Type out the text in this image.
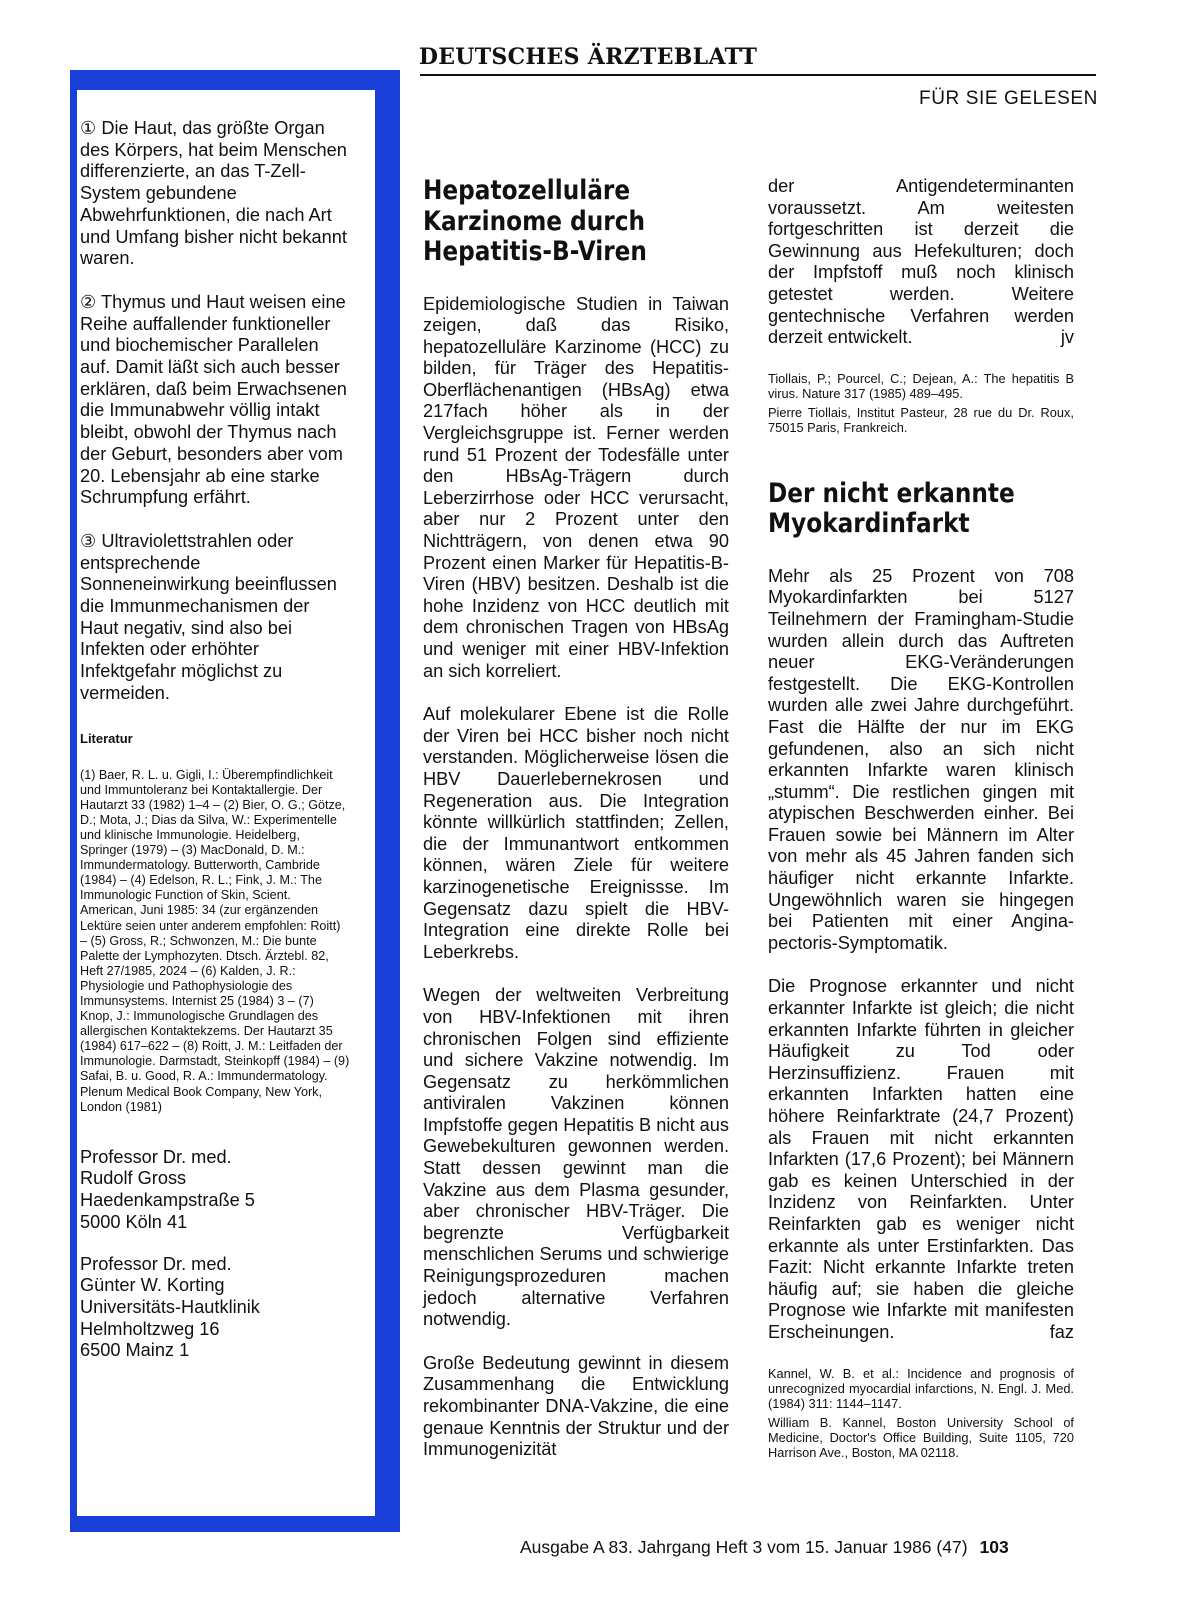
DEUTSCHES ÄRZTEBLATT
FÜR SIE GELESEN

① Die Haut, das größte Organ des Körpers, hat beim Menschen differenzierte, an das T-Zell-System gebundene Abwehrfunktionen, die nach Art und Umfang bisher nicht bekannt waren.

② Thymus und Haut weisen eine Reihe auffallender funktioneller und biochemischer Parallelen auf. Damit läßt sich auch besser erklären, daß beim Erwachsenen die Immunabwehr völlig intakt bleibt, obwohl der Thymus nach der Geburt, besonders aber vom 20. Lebensjahr ab eine starke Schrumpfung erfährt.

③ Ultraviolettstrahlen oder entsprechende Sonneneinwirkung beeinflussen die Immunmechanismen der Haut negativ, sind also bei Infekten oder erhöhter Infektgefahr möglichst zu vermeiden.

Literatur

(1) Baer, R. L. u. Gigli, I.: Überempfindlichkeit und Immuntoleranz bei Kontaktallergie. Der Hautarzt 33 (1982) 1–4 – (2) Bier, O. G.; Götze, D.; Mota, J.; Dias da Silva, W.: Experimentelle und klinische Immunologie. Heidelberg, Springer (1979) – (3) MacDonald, D. M.: Immundermatology. Butterworth, Cambride (1984) – (4) Edelson, R. L.; Fink, J. M.: The Immunologic Function of Skin, Scient. American, Juni 1985: 34 (zur ergänzenden Lektüre seien unter anderem empfohlen: Roitt) – (5) Gross, R.; Schwonzen, M.: Die bunte Palette der Lymphozyten. Dtsch. Ärztebl. 82, Heft 27/1985, 2024 – (6) Kalden, J. R.: Physiologie und Pathophysiologie des Immunsystems. Internist 25 (1984) 3 – (7) Knop, J.: Immunologische Grundlagen des allergischen Kontaktekzems. Der Hautarzt 35 (1984) 617–622 – (8) Roitt, J. M.: Leitfaden der Immunologie. Darmstadt, Steinkopff (1984) – (9) Safai, B. u. Good, R. A.: Immundermatology. Plenum Medical Book Company, New York, London (1981)

Professor Dr. med.
Rudolf Gross
Haedenkampstraße 5
5000 Köln 41
Professor Dr. med.
Günter W. Korting
Universitäts-Hautklinik
Helmholtzweg 16
6500 Mainz 1
Hepatozelluläre Karzinome durch Hepatitis-B-Viren

Epidemiologische Studien in Taiwan zeigen, daß das Risiko, hepatozelluläre Karzinome (HCC) zu bilden, für Träger des Hepatitis-Oberflächenantigen (HBsAg) etwa 217fach höher als in der Vergleichsgruppe ist. Ferner werden rund 51 Prozent der Todesfälle unter den HBsAg-Trägern durch Leberzirrhose oder HCC verursacht, aber nur 2 Prozent unter den Nichtträgern, von denen etwa 90 Prozent einen Marker für Hepatitis-B-Viren (HBV) besitzen. Deshalb ist die hohe Inzidenz von HCC deutlich mit dem chronischen Tragen von HBsAg und weniger mit einer HBV-Infektion an sich korreliert.

Auf molekularer Ebene ist die Rolle der Viren bei HCC bisher noch nicht verstanden. Möglicherweise lösen die HBV Dauerlebernekrosen und Regeneration aus. Die Integration könnte willkürlich stattfinden; Zellen, die der Immunantwort entkommen können, wären Ziele für weitere karzinogenetische Ereignissse. Im Gegensatz dazu spielt die HBV-Integration eine direkte Rolle bei Leberkrebs.

Wegen der weltweiten Verbreitung von HBV-Infektionen mit ihren chronischen Folgen sind effiziente und sichere Vakzine notwendig. Im Gegensatz zu herkömmlichen antiviralen Vakzinen können Impfstoffe gegen Hepatitis B nicht aus Gewebekulturen gewonnen werden. Statt dessen gewinnt man die Vakzine aus dem Plasma gesunder, aber chronischer HBV-Träger. Die begrenzte Verfügbarkeit menschlichen Serums und schwierige Reinigungsprozeduren machen jedoch alternative Verfahren notwendig.

Große Bedeutung gewinnt in diesem Zusammenhang die Entwicklung rekombinanter DNA-Vakzine, die eine genaue Kenntnis der Struktur und der Immunogenizität

der Antigendeterminanten voraussetzt. Am weitesten fortgeschritten ist derzeit die Gewinnung aus Hefekulturen; doch der Impfstoff muß noch klinisch getestet werden. Weitere gentechnische Verfahren werden derzeit entwickelt.	jv

Tiollais, P.; Pourcel, C.; Dejean, A.: The hepatitis B virus. Nature 317 (1985) 489–495.

Pierre Tiollais, Institut Pasteur, 28 rue du Dr. Roux, 75015 Paris, Frankreich.

Der nicht erkannte Myokardinfarkt

Mehr als 25 Prozent von 708 Myokardinfarkten bei 5127 Teilnehmern der Framingham-Studie wurden allein durch das Auftreten neuer EKG-Veränderungen festgestellt. Die EKG-Kontrollen wurden alle zwei Jahre durchgeführt. Fast die Hälfte der nur im EKG gefundenen, also an sich nicht erkannten Infarkte waren klinisch „stumm“. Die restlichen gingen mit atypischen Beschwerden einher. Bei Frauen sowie bei Männern im Alter von mehr als 45 Jahren fanden sich häufiger nicht erkannte Infarkte. Ungewöhnlich waren sie hingegen bei Patienten mit einer Angina-pectoris-Symptomatik.

Die Prognose erkannter und nicht erkannter Infarkte ist gleich; die nicht erkannten Infarkte führten in gleicher Häufigkeit zu Tod oder Herzinsuffizienz. Frauen mit erkannten Infarkten hatten eine höhere Reinfarktrate (24,7 Prozent) als Frauen mit nicht erkannten Infarkten (17,6 Prozent); bei Männern gab es keinen Unterschied in der Inzidenz von Reinfarkten. Unter Reinfarkten gab es weniger nicht erkannte als unter Erstinfarkten. Das Fazit: Nicht erkannte Infarkte treten häufig auf; sie haben die gleiche Prognose wie Infarkte mit manifesten Erscheinungen.	faz

Kannel, W. B. et al.: Incidence and prognosis of unrecognized myocardial infarctions, N. Engl. J. Med. (1984) 311: 1144–1147.

William B. Kannel, Boston University School of Medicine, Doctor's Office Building, Suite 1105, 720 Harrison Ave., Boston, MA 02118.

Ausgabe A 83. Jahrgang Heft 3 vom 15. Januar 1986 (47) 103
